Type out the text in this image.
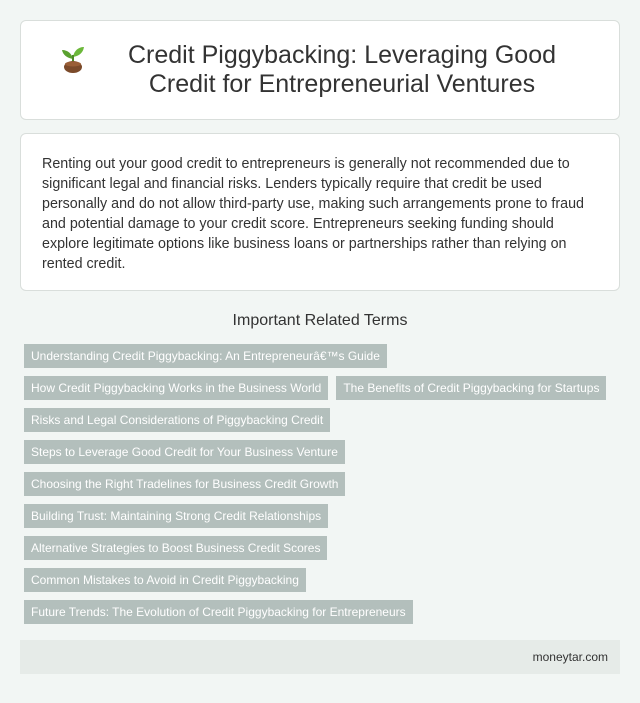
Credit Piggybacking: Leveraging Good Credit for Entrepreneurial Ventures

Renting out your good credit to entrepreneurs is generally not recommended due to significant legal and financial risks. Lenders typically require that credit be used personally and do not allow third-party use, making such arrangements prone to fraud and potential damage to your credit score. Entrepreneurs seeking funding should explore legitimate options like business loans or partnerships rather than relying on rented credit.

Important Related Terms
Understanding Credit Piggybacking: An Entrepreneurâ€™s Guide
How Credit Piggybacking Works in the Business World	The Benefits of Credit Piggybacking for Startups
Risks and Legal Considerations of Piggybacking Credit
Steps to Leverage Good Credit for Your Business Venture
Choosing the Right Tradelines for Business Credit Growth
Building Trust: Maintaining Strong Credit Relationships
Alternative Strategies to Boost Business Credit Scores
Common Mistakes to Avoid in Credit Piggybacking
Future Trends: The Evolution of Credit Piggybacking for Entrepreneurs
moneytar.com
